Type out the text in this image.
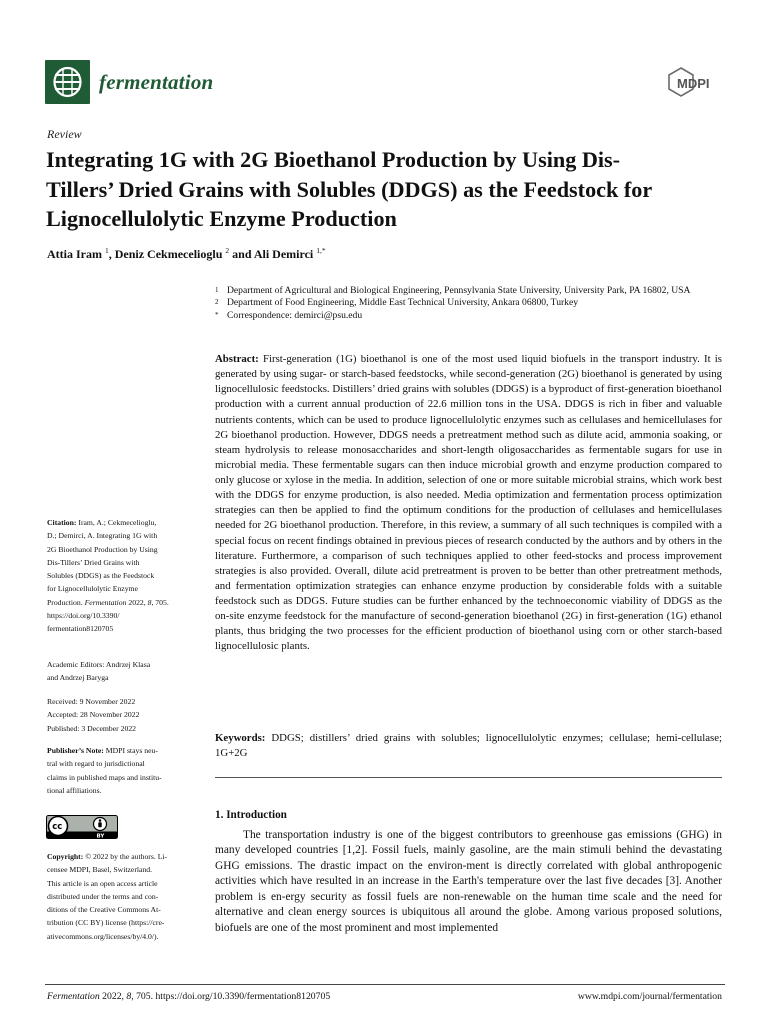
fermentation	MDPI
Review
Integrating 1G with 2G Bioethanol Production by Using Dis-Tillers’ Dried Grains with Solubles (DDGS) as the Feedstock for Lignocellulolytic Enzyme Production
Attia Iram $^1$, Deniz Cekmecelioglu $^2$ and Ali Demirci $^{1,*}$
1 Department of Agricultural and Biological Engineering, Pennsylvania State University, University Park, PA 16802, USA
2 Department of Food Engineering, Middle East Technical University, Ankara 06800, Turkey
* Correspondence: demirci@psu.edu
Abstract: First-generation (1G) bioethanol is one of the most used liquid biofuels in the transport industry. It is generated by using sugar- or starch-based feedstocks, while second-generation (2G) bioethanol is generated by using lignocellulosic feedstocks. Distillers’ dried grains with solubles (DDGS) is a byproduct of first-generation bioethanol production with a current annual production of 22.6 million tons in the USA. DDGS is rich in fiber and valuable nutrients contents, which can be used to produce lignocellulolytic enzymes such as cellulases and hemicellulases for 2G bioethanol production. However, DDGS needs a pretreatment method such as dilute acid, ammonia soaking, or steam hydrolysis to release monosaccharides and short-length oligosaccharides as fermentable sugars for use in microbial media. These fermentable sugars can then induce microbial growth and enzyme production compared to only glucose or xylose in the media. In addition, selection of one or more suitable microbial strains, which work best with the DDGS for enzyme production, is also needed. Media optimization and fermentation process optimization strategies can then be applied to find the optimum conditions for the production of cellulases and hemicellulases needed for 2G bioethanol production. Therefore, in this review, a summary of all such techniques is compiled with a special focus on recent findings obtained in previous pieces of research conducted by the authors and by others in the literature. Furthermore, a comparison of such techniques applied to other feed-stocks and process improvement strategies is also provided. Overall, dilute acid pretreatment is proven to be better than other pretreatment methods, and fermentation optimization strategies can enhance enzyme production by considerable folds with a suitable feedstock such as DDGS. Future studies can be further enhanced by the technoeconomic viability of DDGS as the on-site enzyme feedstock for the manufacture of second-generation bioethanol (2G) in first-generation (1G) ethanol plants, thus bridging the two processes for the efficient production of bioethanol using corn or other starch-based lignocellulosic plants.
Keywords: DDGS; distillers’ dried grains with solubles; lignocellulolytic enzymes; cellulase; hemi-cellulase; 1G+2G
1. Introduction
The transportation industry is one of the biggest contributors to greenhouse gas emissions (GHG) in many developed countries [1,2]. Fossil fuels, mainly gasoline, are the main stimuli behind the devastating GHG emissions. The drastic impact on the environ-ment is directly correlated with global anthropogenic activities which have resulted in an increase in the Earth's temperature over the last five decades [3]. Another problem is en-ergy security as fossil fuels are non-renewable on the human time scale and the need for alternative and clean energy sources is ubiquitous all around the globe. Among various proposed solutions, biofuels are one of the most prominent and most implemented
Citation: Iram, A.; Cekmecelioglu,
D.; Demirci, A. Integrating 1G with
2G Bioethanol Production by Using
Dis-Tillers’ Dried Grains with
Solubles (DDGS) as the Feedstock
for Lignocellulolytic Enzyme
Production. Fermentation 2022, 8, 705.
https://doi.org/10.3390/
fermentation8120705
Academic Editors: Andrzej Klasa
and Andrzej Baryga
Received: 9 November 2022
Accepted: 28 November 2022
Published: 3 December 2022
Publisher’s Note: MDPI stays neu-
tral with regard to jurisdictional
claims in published maps and institu-
tional affiliations.
cc
BY
Copyright: © 2022 by the authors. Li-
censee MDPI, Basel, Switzerland.
This article is an open access article
distributed under the terms and con-
ditions of the Creative Commons At-
tribution (CC BY) license (https://cre-
ativecommons.org/licenses/by/4.0/).
Fermentation 2022, 8, 705. https://doi.org/10.3390/fermentation8120705	www.mdpi.com/journal/fermentation
